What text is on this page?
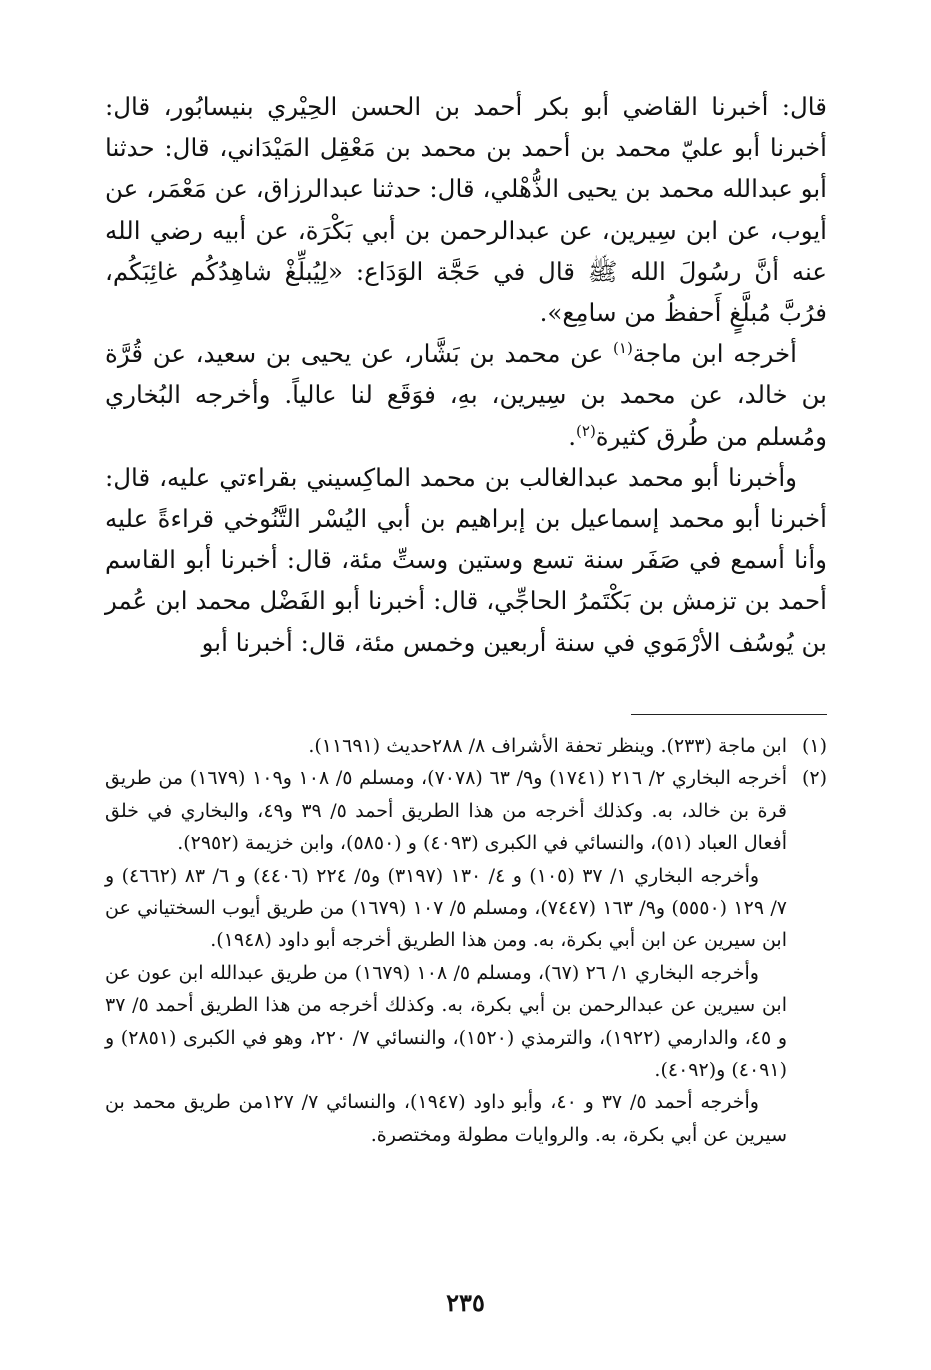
قال: أخبرنا القاضي أبو بكر أحمد بن الحسن الحِيْري بنيسابُور، قال: أخبرنا أبو عليّ محمد بن أحمد بن محمد بن مَعْقِل المَيْدَاني، قال: حدثنا أبو عبدالله محمد بن يحيى الذُّهْلي، قال: حدثنا عبدالرزاق، عن مَعْمَر، عن أيوب، عن ابن سِيرين، عن عبدالرحمن بن أبي بَكْرَة، عن أبيه رضي الله عنه أنَّ رسُولَ الله ﷺ قال في حَجَّة الوَدَاع: «لِيُبلِّغْ شاهِدُكُم غائِبَكُم، فرُبَّ مُبلَّغٍ أَحفظُ من سامِع».

أخرجه ابن ماجة$^{(١)}$ عن محمد بن بَشَّار، عن يحيى بن سعيد، عن قُرَّة بن خالد، عن محمد بن سِيرين، بهِ، فوَقَع لنا عالياً. وأخرجه البُخاري ومُسلم من طُرق كثيرة$^{(٢)}$.

وأخبرنا أبو محمد عبدالغالب بن محمد الماكِسيني بقراءتي عليه، قال: أخبرنا أبو محمد إسماعيل بن إبراهيم بن أبي اليُسْر التَّنُوخي قراءةً عليه وأنا أسمع في صَفَر سنة تسع وستين وستِّ مئة، قال: أخبرنا أبو القاسم أحمد بن تزمش بن بَكْتَمرُ الحاجِّي، قال: أخبرنا أبو الفَضْل محمد ابن عُمر بن يُوسُف الأرْمَوي في سنة أربعين وخمس مئة، قال: أخبرنا أبو

(١)

ابن ماجة (٢٣٣). وينظر تحفة الأشراف ٨/ ٢٨٨حديث (١١٦٩١).

(٢)

أخرجه البخاري ٢/ ٢١٦ (١٧٤١) و٩/ ٦٣ (٧٠٧٨)، ومسلم ٥/ ١٠٨ و١٠٩ (١٦٧٩) من طريق قرة بن خالد، به. وكذلك أخرجه من هذا الطريق أحمد ٥/ ٣٩ و٤٩، والبخاري في خلق أفعال العباد (٥١)، والنسائي في الكبرى (٤٠٩٣) و (٥٨٥٠)، وابن خزيمة (٢٩٥٢).

وأخرجه البخاري ١/ ٣٧ (١٠٥) و ٤/ ١٣٠ (٣١٩٧) و٥/ ٢٢٤ (٤٤٠٦) و ٦/ ٨٣ (٤٦٦٢) و ٧/ ١٢٩ (٥٥٥٠) و٩/ ١٦٣ (٧٤٤٧)، ومسلم ٥/ ١٠٧ (١٦٧٩) من طريق أيوب السختياني عن ابن سيرين عن ابن أبي بكرة، به. ومن هذا الطريق أخرجه أبو داود (١٩٤٨).

وأخرجه البخاري ١/ ٢٦ (٦٧)، ومسلم ٥/ ١٠٨ (١٦٧٩) من طريق عبدالله ابن عون عن ابن سيرين عن عبدالرحمن بن أبي بكرة، به. وكذلك أخرجه من هذا الطريق أحمد ٥/ ٣٧ و ٤٥، والدارمي (١٩٢٢)، والترمذي (١٥٢٠)، والنسائي ٧/ ٢٢٠، وهو في الكبرى (٢٨٥١) و (٤٠٩١) و(٤٠٩٢).

وأخرجه أحمد ٥/ ٣٧ و ٤٠، وأبو داود (١٩٤٧)، والنسائي ٧/ ١٢٧من طريق محمد بن سيرين عن أبي بكرة، به. والروايات مطولة ومختصرة.

٢٣٥
